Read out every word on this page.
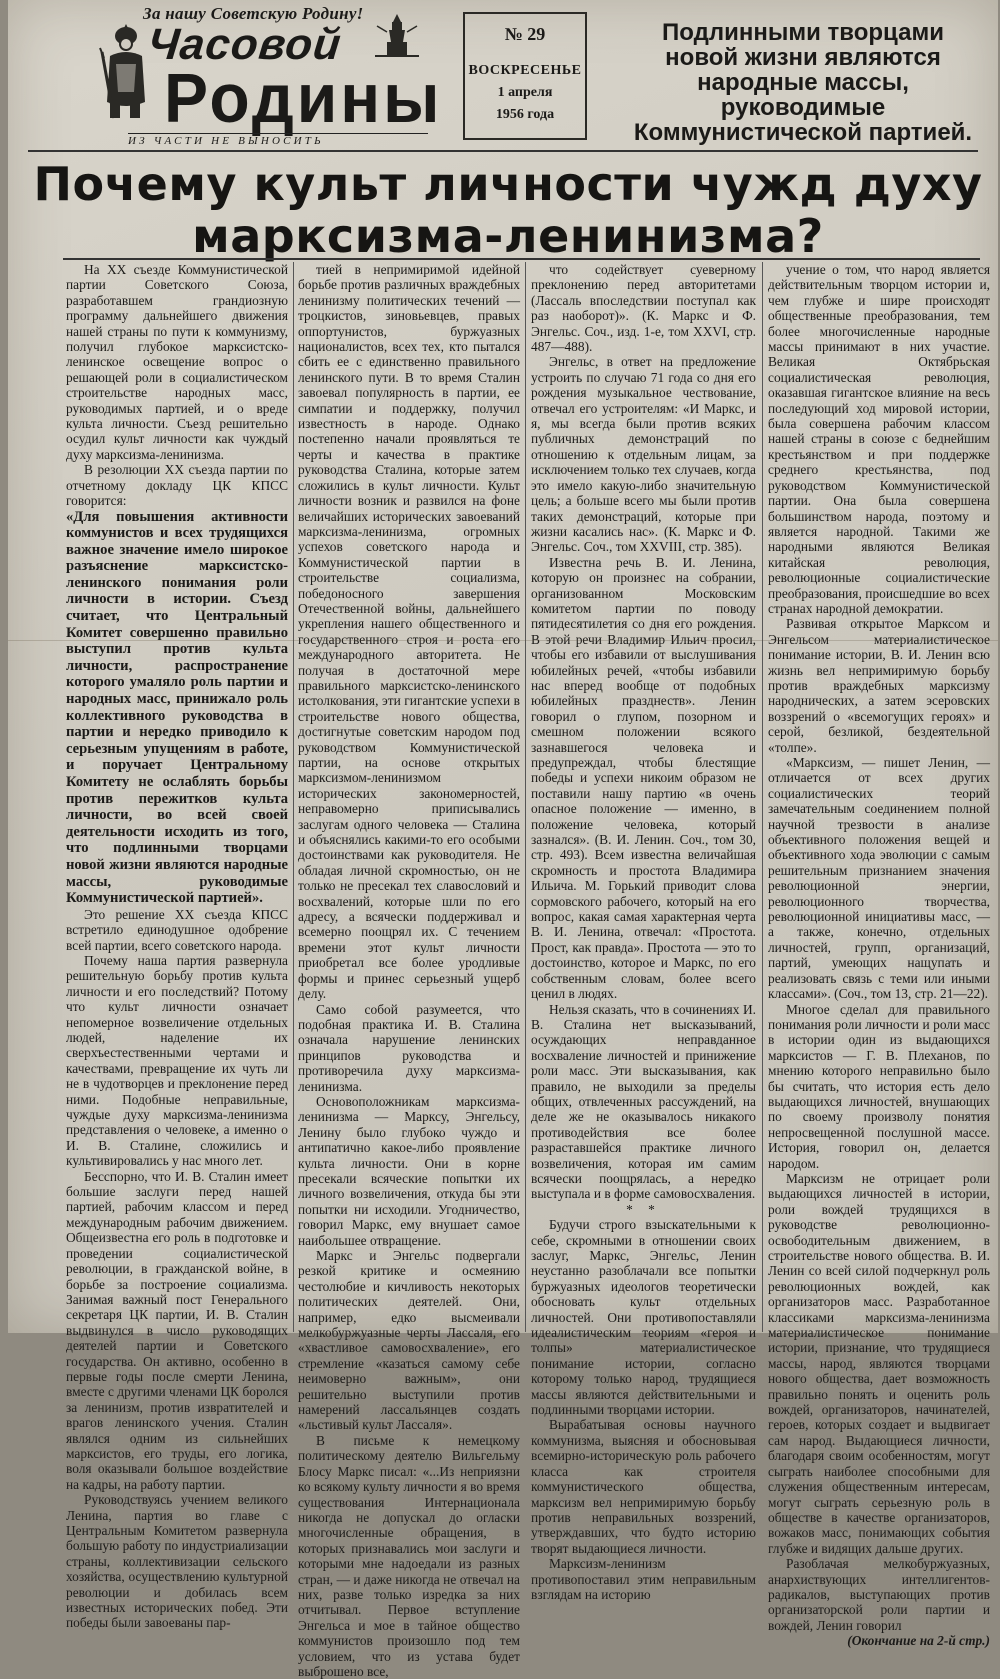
За нашу Советскую Родину!
Часовой
Родины
ИЗ ЧАСТИ НЕ ВЫНОСИТЬ
№ 29
ВОСКРЕСЕНЬЕ
1 апреля
1956 года
Подлинными творцами новой жизни являются народные массы, руководимые Коммунистической партией.
Почему культ личности чужд духу марксизма-ленинизма?

На XX съезде Коммунистической партии Советского Союза, разработавшем грандиозную программу дальнейшего движения нашей страны по пути к коммунизму, получил глубокое марксистско-ленинское освещение вопрос о решающей роли в социалистическом строительстве народных масс, руководимых партией, и о вреде культа личности. Съезд решительно осудил культ личности как чуждый духу марксизма-ленинизма.

В резолюции XX съезда партии по отчетному докладу ЦК КПСС говорится:

«Для повышения активности коммунистов и всех трудящихся важное значение имело широкое разъяснение марксистско-ленинского понимания роли личности в истории. Съезд считает, что Центральный Комитет совершенно правильно выступил против культа личности, распространение которого умаляло роль партии и народных масс, принижало роль коллективного руководства в партии и нередко приводило к серьезным упущениям в работе, и поручает Центральному Комитету не ослаблять борьбы против пережитков культа личности, во всей своей деятельности исходить из того, что подлинными творцами новой жизни являются народные массы, руководимые Коммунистической партией».

Это решение XX съезда КПСС встретило единодушное одобрение всей партии, всего советского народа.

Почему наша партия развернула решительную борьбу против культа личности и его последствий? Потому что культ личности означает непомерное возвеличение отдельных людей, наделение их сверхъестественными чертами и качествами, превращение их чуть ли не в чудотворцев и преклонение перед ними. Подобные неправильные, чуждые духу марксизма-ленинизма представления о человеке, а именно о И. В. Сталине, сложились и культивировались у нас много лет.

Бесспорно, что И. В. Сталин имеет большие заслуги перед нашей партией, рабочим классом и перед международным рабочим движением. Общеизвестна его роль в подготовке и проведении социалистической революции, в гражданской войне, в борьбе за построение социализма. Занимая важный пост Генерального секретаря ЦК партии, И. В. Сталин выдвинулся в число руководящих деятелей партии и Советского государства. Он активно, особенно в первые годы после смерти Ленина, вместе с другими членами ЦК боролся за ленинизм, против извратителей и врагов ленинского учения. Сталин являлся одним из сильнейших марксистов, его труды, его логика, воля оказывали большое воздействие на кадры, на работу партии.

Руководствуясь учением великого Ленина, партия во главе с Центральным Комитетом развернула большую работу по индустриализации страны, коллективизации сельского хозяйства, осуществлению культурной революции и добилась всем известных исторических побед. Эти победы были завоеваны пар-

тией в непримиримой идейной борьбе против различных враждебных ленинизму политических течений — троцкистов, зиновьевцев, правых оппортунистов, буржуазных националистов, всех тех, кто пытался сбить ее с единственно правильного ленинского пути. В то время Сталин завоевал популярность в партии, ее симпатии и поддержку, получил известность в народе. Однако постепенно начали проявляться те черты и качества в практике руководства Сталина, которые затем сложились в культ личности. Культ личности возник и развился на фоне величайших исторических завоеваний марксизма-ленинизма, огромных успехов советского народа и Коммунистической партии в строительстве социализма, победоносного завершения Отечественной войны, дальнейшего укрепления нашего общественного и государственного строя и роста его международного авторитета. Не получая в достаточной мере правильного марксистско-ленинского истолкования, эти гигантские успехи в строительстве нового общества, достигнутые советским народом под руководством Коммунистической партии, на основе открытых марксизмом-ленинизмом исторических закономерностей, неправомерно приписывались заслугам одного человека — Сталина и объяснялись какими-то его особыми достоинствами как руководителя. Не обладая личной скромностью, он не только не пресекал тех славословий и восхвалений, которые шли по его адресу, а всячески поддерживал и всемерно поощрял их. С течением времени этот культ личности приобретал все более уродливые формы и принес серьезный ущерб делу.

Само собой разумеется, что подобная практика И. В. Сталина означала нарушение ленинских принципов руководства и противоречила духу марксизма-ленинизма.

Основоположникам марксизма-ленинизма — Марксу, Энгельсу, Ленину было глубоко чуждо и антипатично какое-либо проявление культа личности. Они в корне пресекали всяческие попытки их личного возвеличения, откуда бы эти попытки ни исходили. Угодничество, говорил Маркс, ему внушает самое наибольшее отвращение.

Маркс и Энгельс подвергали резкой критике и осмеянию честолюбие и кичливость некоторых политических деятелей. Они, например, едко высмеивали мелкобуржуазные черты Лассаля, его «хвастливое самовосхваление», его стремление «казаться самому себе неимоверно важным», они решительно выступили против намерений лассальянцев создать «льстивый культ Лассаля».

В письме к немецкому политическому деятелю Вильгельму Блосу Маркс писал: «...Из неприязни ко всякому культу личности я во время существования Интернационала никогда не допускал до огласки многочисленные обращения, в которых признавались мои заслуги и которыми мне надоедали из разных стран, — и даже никогда не отвечал на них, разве только изредка за них отчитывал. Первое вступление Энгельса и мое в тайное общество коммунистов произошло под тем условием, что из устава будет выброшено все,

что содействует суеверному преклонению перед авторитетами (Лассаль впоследствии поступал как раз наоборот)». (К. Маркс и Ф. Энгельс. Соч., изд. 1-е, том XXVI, стр. 487—488).

Энгельс, в ответ на предложение устроить по случаю 71 года со дня его рождения музыкальное чествование, отвечал его устроителям: «И Маркс, и я, мы всегда были против всяких публичных демонстраций по отношению к отдельным лицам, за исключением только тех случаев, когда это имело какую-либо значительную цель; а больше всего мы были против таких демонстраций, которые при жизни касались нас». (К. Маркс и Ф. Энгельс. Соч., том XXVIII, стр. 385).

Известна речь В. И. Ленина, которую он произнес на собрании, организованном Московским комитетом партии по поводу пятидесятилетия со дня его рождения. В этой речи Владимир Ильич просил, чтобы его избавили от выслушивания юбилейных речей, «чтобы избавили нас вперед вообще от подобных юбилейных празднеств». Ленин говорил о глупом, позорном и смешном положении всякого зазнавшегося человека и предупреждал, чтобы блестящие победы и успехи никоим образом не поставили нашу партию «в очень опасное положение — именно, в положение человека, который зазнался». (В. И. Ленин. Соч., том 30, стр. 493). Всем известна величайшая скромность и простота Владимира Ильича. М. Горький приводит слова сормовского рабочего, который на его вопрос, какая самая характерная черта В. И. Ленина, отвечал: «Простота. Прост, как правда». Простота — это то достоинство, которое и Маркс, по его собственным словам, более всего ценил в людях.

Нельзя сказать, что в сочинениях И. В. Сталина нет высказываний, осуждающих неправданное восхваление личностей и принижение роли масс. Эти высказывания, как правило, не выходили за пределы общих, отвлеченных рассуждений, на деле же не оказывалось никакого противодействия все более разраставшейся практике личного возвеличения, которая им самим всячески поощрялась, а нередко выступала и в форме самовосхваления.

* *

Будучи строго взыскательными к себе, скромными в отношении своих заслуг, Маркс, Энгельс, Ленин неустанно разоблачали все попытки буржуазных идеологов теоретически обосновать культ отдельных личностей. Они противопоставляли идеалистическим теориям «героя и толпы» материалистическое понимание истории, согласно которому только народ, трудящиеся массы являются действительными и подлинными творцами истории.

Вырабатывая основы научного коммунизма, выясняя и обосновывая всемирно-историческую роль рабочего класса как строителя коммунистического общества, марксизм вел непримиримую борьбу против неправильных воззрений, утверждавших, что будто историю творят выдающиеся личности.

Марксизм-ленинизм противопоставил этим неправильным взглядам на историю

учение о том, что народ является действительным творцом истории и, чем глубже и шире происходят общественные преобразования, тем более многочисленные народные массы принимают в них участие. Великая Октябрьская социалистическая революция, оказавшая гигантское влияние на весь последующий ход мировой истории, была совершена рабочим классом нашей страны в союзе с беднейшим крестьянством и при поддержке среднего крестьянства, под руководством Коммунистической партии. Она была совершена большинством народа, поэтому и является народной. Такими же народными являются Великая китайская революция, революционные социалистические преобразования, происшедшие во всех странах народной демократии.

Развивая открытое Марксом и Энгельсом материалистическое понимание истории, В. И. Ленин всю жизнь вел непримиримую борьбу против враждебных марксизму народнических, а затем эсеровских воззрений о «всемогущих героях» и серой, безликой, бездеятельной «толпе».

«Марксизм, — пишет Ленин, — отличается от всех других социалистических теорий замечательным соединением полной научной трезвости в анализе объективного положения вещей и объективного хода эволюции с самым решительным признанием значения революционной энергии, революционного творчества, революционной инициативы масс, — а также, конечно, отдельных личностей, групп, организаций, партий, умеющих нащупать и реализовать связь с теми или иными классами». (Соч., том 13, стр. 21—22).

Многое сделал для правильного понимания роли личности и роли масс в истории один из выдающихся марксистов — Г. В. Плеханов, по мнению которого неправильно было бы считать, что история есть дело выдающихся личностей, внушающих по своему произволу понятия непросвещенной послушной массе. История, говорил он, делается народом.

Марксизм не отрицает роли выдающихся личностей в истории, роли вождей трудящихся в руководстве революционно-освободительным движением, в строительстве нового общества. В. И. Ленин со всей силой подчеркнул роль революционных вождей, как организаторов масс. Разработанное классиками марксизма-ленинизма материалистическое понимание истории, признание, что трудящиеся массы, народ, являются творцами нового общества, дает возможность правильно понять и оценить роль вождей, организаторов, начинателей, героев, которых создает и выдвигает сам народ. Выдающиеся личности, благодаря своим особенностям, могут сыграть наиболее способными для служения общественным интересам, могут сыграть серьезную роль в обществе в качестве организаторов, вожаков масс, понимающих события глубже и видящих дальше других.

Разоблачая мелкобуржуазных, анархиствующих интеллигентов-радикалов, выступающих против организаторской роли партии и вождей, Ленин говорил

(Окончание на 2-й стр.)
